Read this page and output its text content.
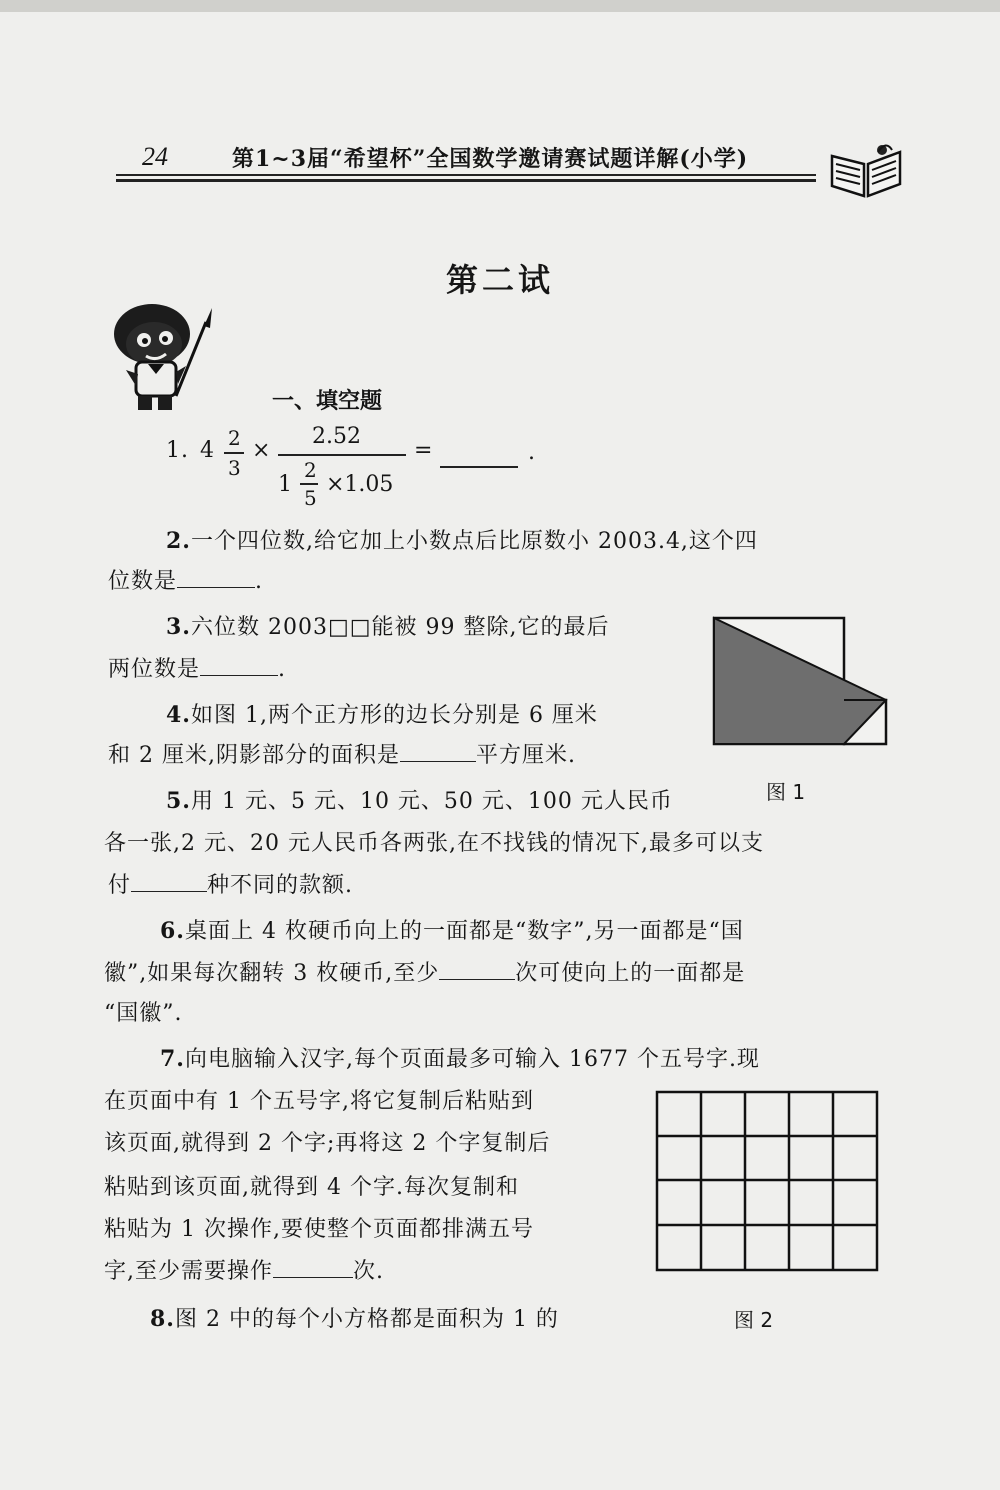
24	第1~3届“希望杯”全国数学邀请赛试题详解(小学)
第二试
一、填空题
1. 4 2
3
×
2.52
1
2
5
×1.05
=	.
2.一个四位数,给它加上小数点后比原数小 2003.4,这个四
位数是	.
3.六位数 2003□□能被 99 整除,它的最后
两位数是	.
图 1
4.如图 1,两个正方形的边长分别是 6 厘米
和 2 厘米,阴影部分的面积是	平方厘米.
5.用 1 元、5 元、10 元、50 元、100 元人民币
各一张,2 元、20 元人民币各两张,在不找钱的情况下,最多可以支
付	种不同的款额.
6.桌面上 4 枚硬币向上的一面都是“数字”,另一面都是“国
徽”,如果每次翻转 3 枚硬币,至少	次可使向上的一面都是
“国徽”.
7.向电脑输入汉字,每个页面最多可输入 1677 个五号字.现
在页面中有 1 个五号字,将它复制后粘贴到
该页面,就得到 2 个字;再将这 2 个字复制后
粘贴到该页面,就得到 4 个字.每次复制和
粘贴为 1 次操作,要使整个页面都排满五号
字,至少需要操作	次.
图 2
8.图 2 中的每个小方格都是面积为 1 的
